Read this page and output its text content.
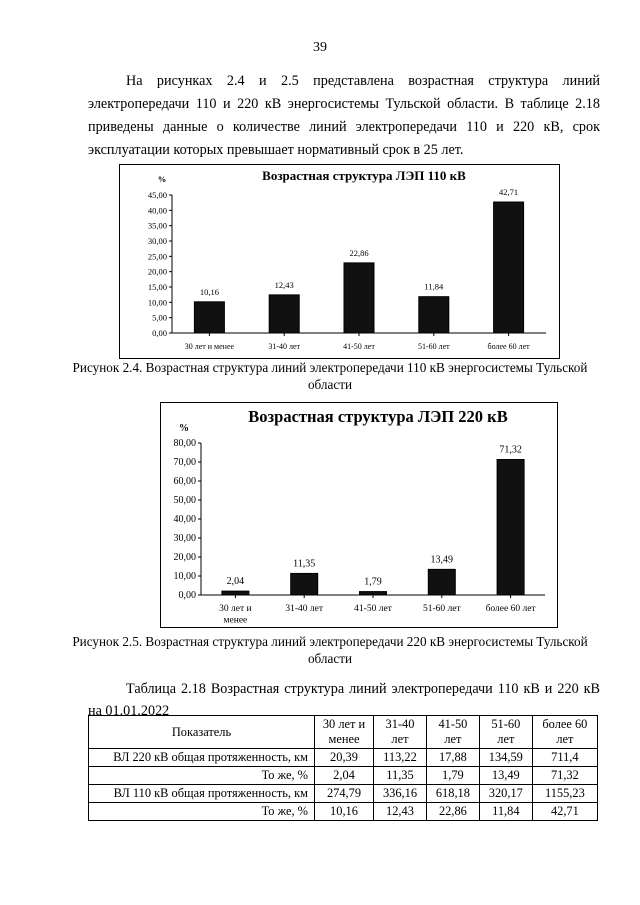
39
На рисунках 2.4 и 2.5 представлена возрастная структура линий электропередачи 110 и 220 кВ энергосистемы Тульской области. В таблице 2.18 приведены данные о количестве линий электропередачи 110 и 220 кВ, срок эксплуатации которых превышает нормативный срок в 25 лет.
Возрастная структура ЛЭП 110 кВ
%
0,00
5,00
10,00
15,00
20,00
25,00
30,00
35,00
40,00
45,00
10,16
30 лет и менее
12,43
31-40 лет
22,86
41-50 лет
11,84
51-60 лет
42,71
более 60 лет
Рисунок 2.4. Возрастная структура линий электропередачи 110 кВ энергосистемы Тульской области
Возрастная структура ЛЭП 220 кВ
%
0,00
10,00
20,00
30,00
40,00
50,00
60,00
70,00
80,00
2,04
30 лет и менее
11,35
31-40 лет
1,79
41-50 лет
13,49
51-60 лет
71,32
более 60 лет
Рисунок 2.5. Возрастная структура линий электропередачи 220 кВ энергосистемы Тульской области
Таблица 2.18 Возрастная структура линий электропередачи 110 кВ и 220 кВ на 01.01.2022
Показатель	30 лет и менее	31-40 лет	41-50 лет	51-60 лет	более 60 лет
ВЛ 220 кВ общая протяженность, км	20,39	113,22	17,88	134,59	711,4
То же, %	2,04	11,35	1,79	13,49	71,32
ВЛ 110 кВ общая протяженность, км	274,79	336,16	618,18	320,17	1155,23
То же, %	10,16	12,43	22,86	11,84	42,71
